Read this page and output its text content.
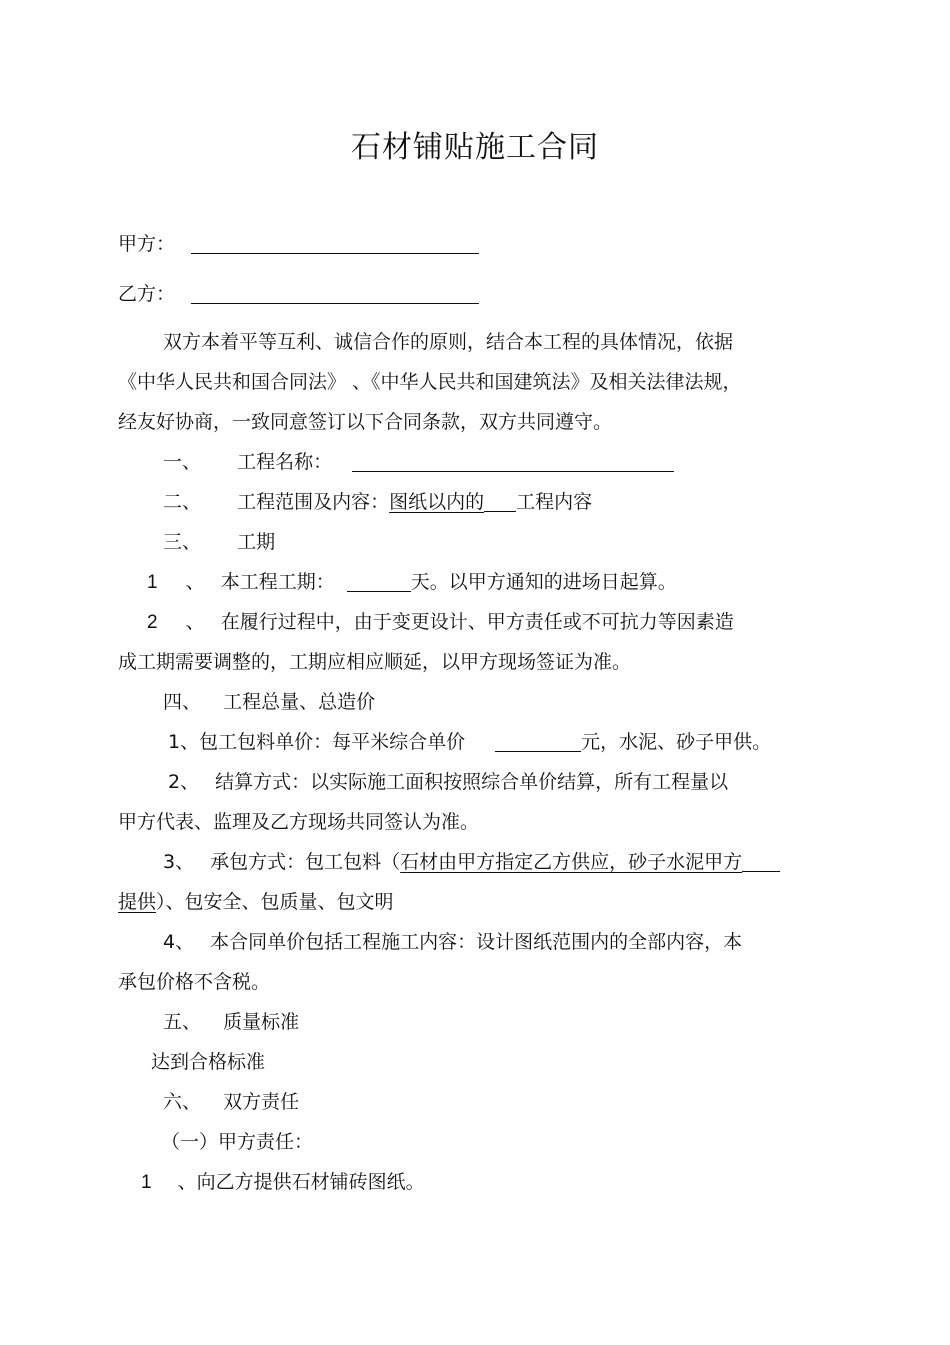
石材铺贴施工合同
甲方：
乙方：
双方本着平等互利、诚信合作的原则，结合本工程的具体情况，依据
《中华人民共和国合同法》 、《中华人民共和国建筑法》及相关法律法规，
经友好协商，一致同意签订以下合同条款，双方共同遵守。
一、 工程名称：
二、 工程范围及内容：图纸以内的 工程内容
三、 工期
1 、 本工程工期：	天。以甲方通知的进场日起算。
2 、 在履行过程中，由于变更设计、甲方责任或不可抗力等因素造
成工期需要调整的，工期应相应顺延，以甲方现场签证为准。
四、 工程总量、总造价
1、包工包料单价：每平米综合单价	元，水泥、砂子甲供。
2、 结算方式：以实际施工面积按照综合单价结算，所有工程量以
甲方代表、监理及乙方现场共同签认为准。
3、 承包方式：包工包料（石材由甲方指定乙方供应，砂子水泥甲方
提供）、包安全、包质量、包文明
4、 本合同单价包括工程施工内容：设计图纸范围内的全部内容，本
承包价格不含税。
五、 质量标准
达到合格标准
六、 双方责任
（一）甲方责任：
1 、向乙方提供石材铺砖图纸。
